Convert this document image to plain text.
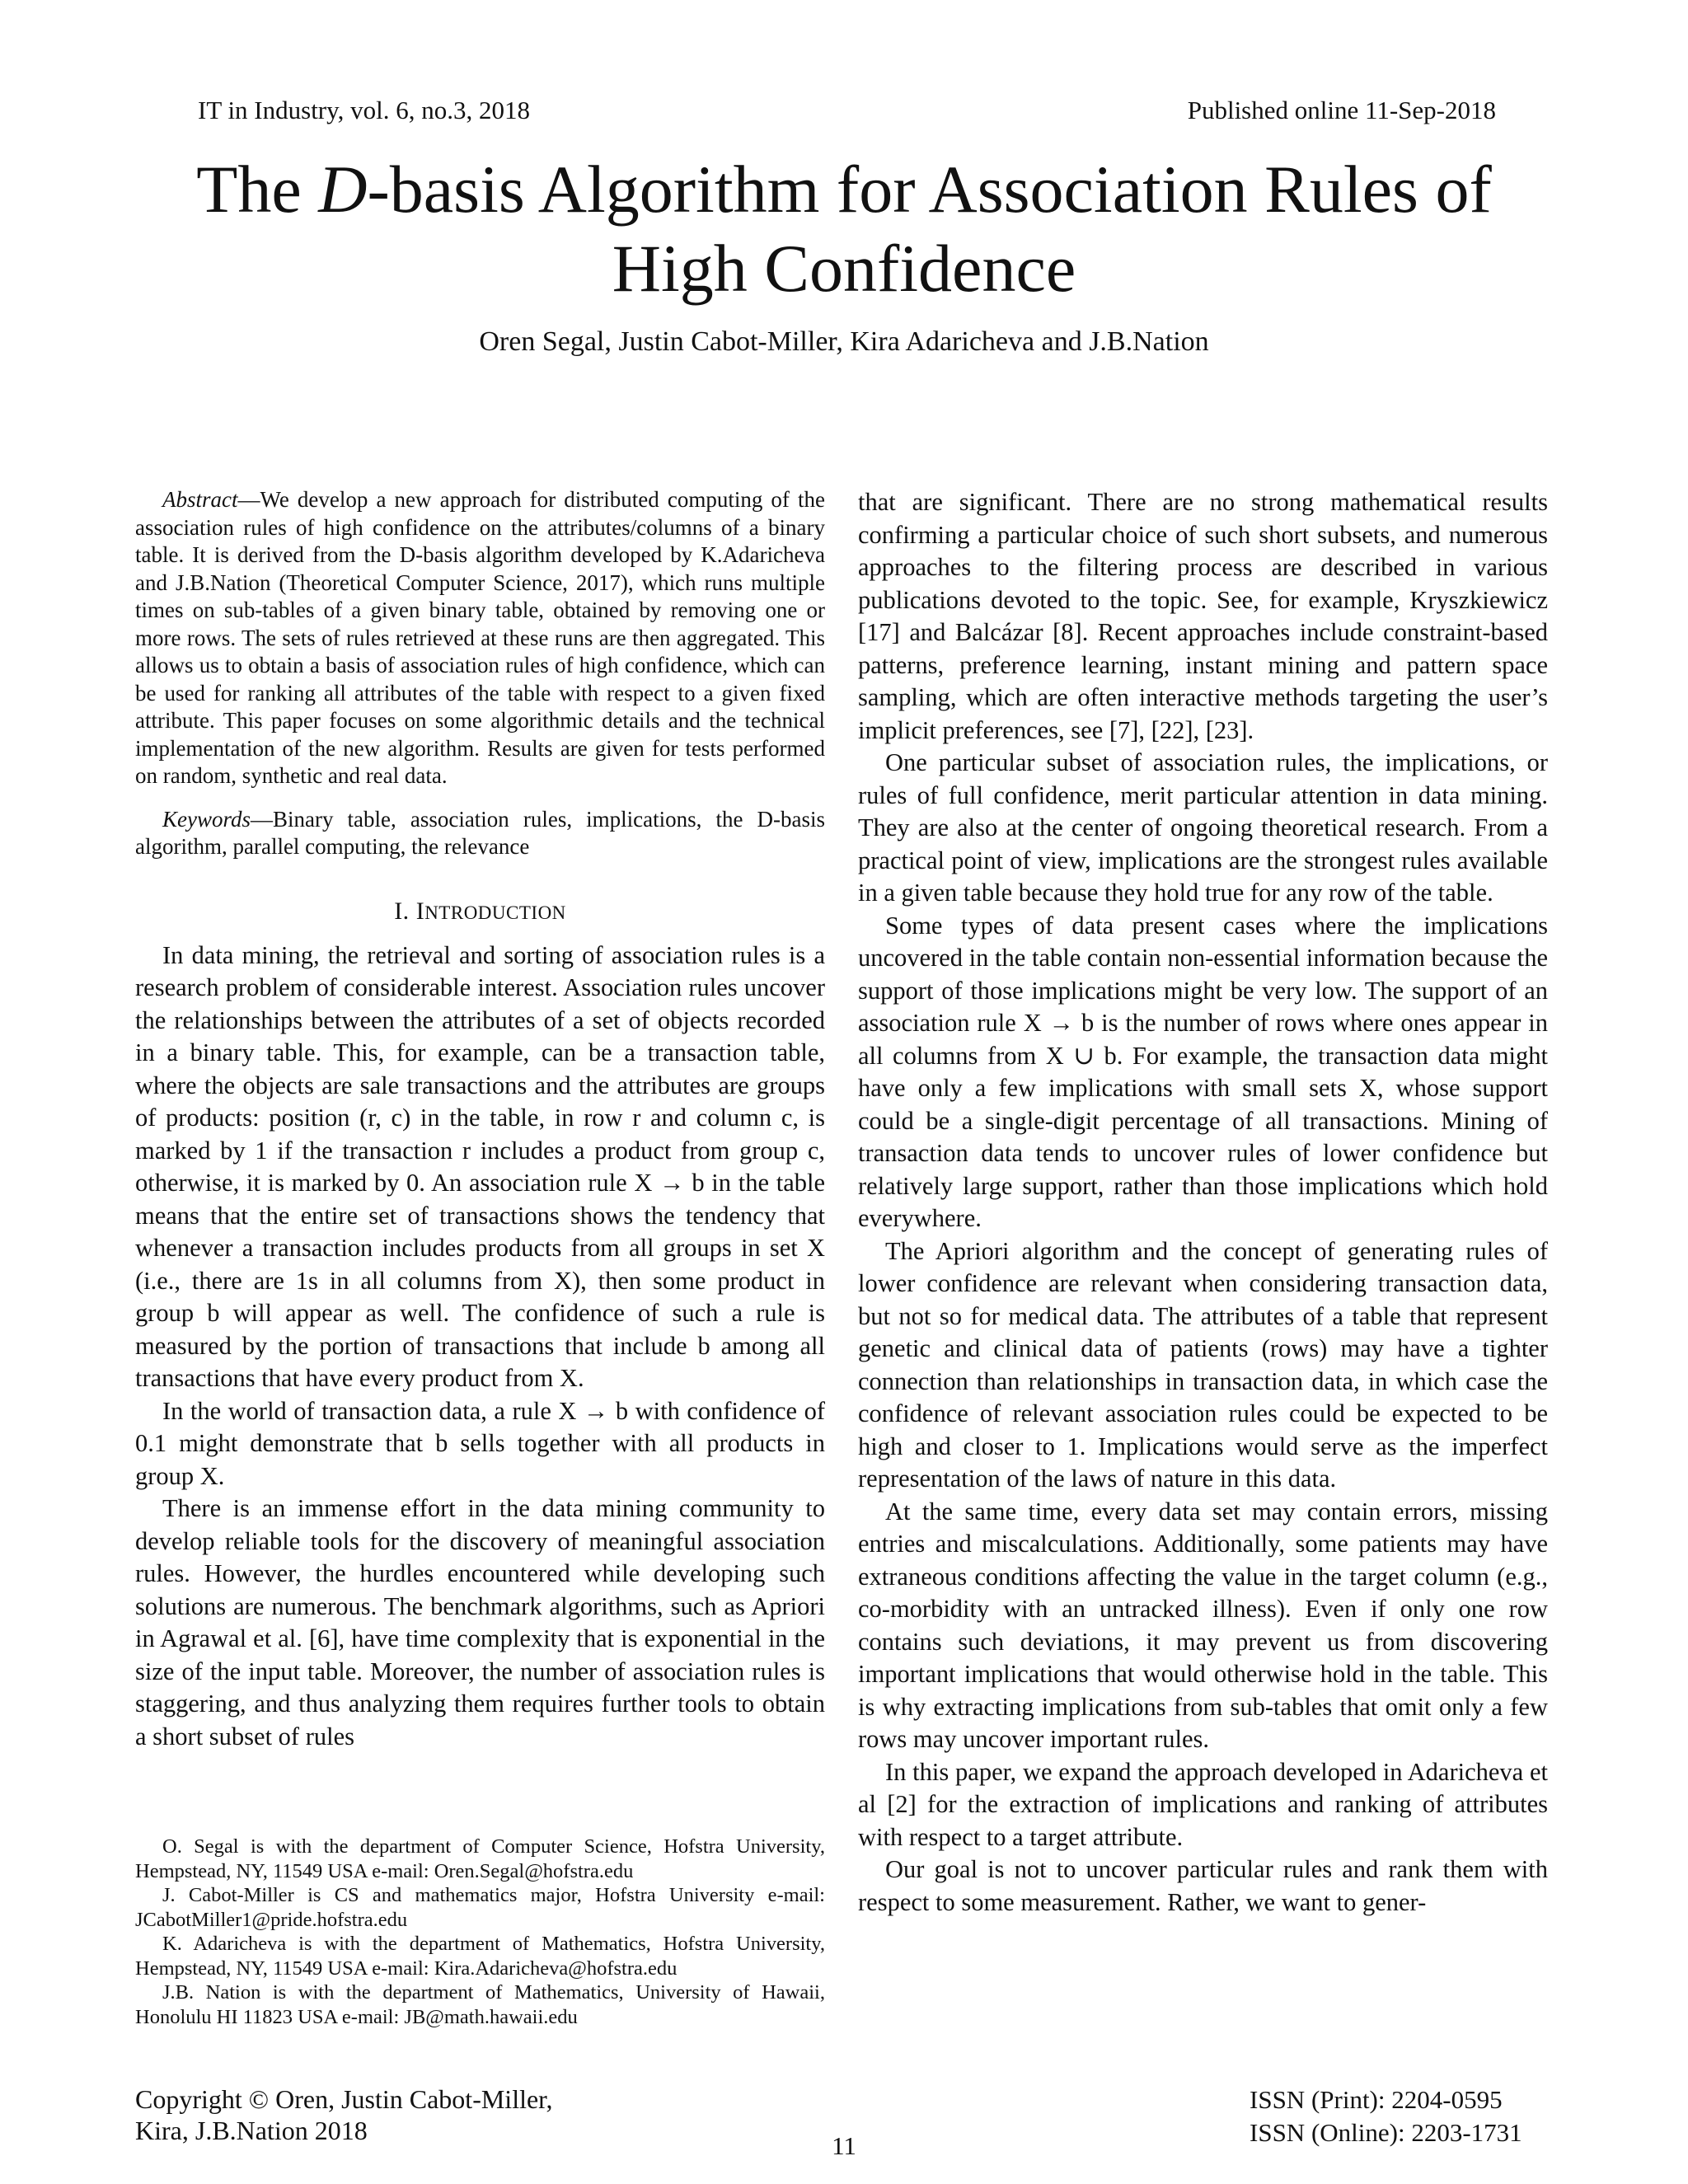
IT in Industry, vol. 6, no.3, 2018	Published online 11-Sep-2018
The D-basis Algorithm for Association Rules of
High Confidence
Oren Segal, Justin Cabot-Miller, Kira Adaricheva and J.B.Nation

Abstract—We develop a new approach for distributed computing of the association rules of high confidence on the attributes/columns of a binary table. It is derived from the D-basis algorithm developed by K.Adaricheva and J.B.Nation (Theoretical Computer Science, 2017), which runs multiple times on sub-tables of a given binary table, obtained by removing one or more rows. The sets of rules retrieved at these runs are then aggregated. This allows us to obtain a basis of association rules of high confidence, which can be used for ranking all attributes of the table with respect to a given fixed attribute. This paper focuses on some algorithmic details and the technical implementation of the new algorithm. Results are given for tests performed on random, synthetic and real data.

Keywords—Binary table, association rules, implications, the D-basis algorithm, parallel computing, the relevance

I. INTRODUCTION

In data mining, the retrieval and sorting of association rules is a research problem of considerable interest. Association rules uncover the relationships between the attributes of a set of objects recorded in a binary table. This, for example, can be a transaction table, where the objects are sale transactions and the attributes are groups of products: position (r, c) in the table, in row r and column c, is marked by 1 if the transaction r includes a product from group c, otherwise, it is marked by 0. An association rule X → b in the table means that the entire set of transactions shows the tendency that whenever a transaction includes products from all groups in set X (i.e., there are 1s in all columns from X), then some product in group b will appear as well. The confidence of such a rule is measured by the portion of transactions that include b among all transactions that have every product from X.

In the world of transaction data, a rule X → b with confidence of 0.1 might demonstrate that b sells together with all products in group X.

There is an immense effort in the data mining community to develop reliable tools for the discovery of meaningful association rules. However, the hurdles encountered while developing such solutions are numerous. The benchmark algorithms, such as Apriori in Agrawal et al. [6], have time complexity that is exponential in the size of the input table. Moreover, the number of association rules is staggering, and thus analyzing them requires further tools to obtain a short subset of rules

that are significant. There are no strong mathematical results confirming a particular choice of such short subsets, and numerous approaches to the filtering process are described in various publications devoted to the topic. See, for example, Kryszkiewicz [17] and Balcázar [8]. Recent approaches include constraint-based patterns, preference learning, instant mining and pattern space sampling, which are often interactive methods targeting the user’s implicit preferences, see [7], [22], [23].

One particular subset of association rules, the implications, or rules of full confidence, merit particular attention in data mining. They are also at the center of ongoing theoretical research. From a practical point of view, implications are the strongest rules available in a given table because they hold true for any row of the table.

Some types of data present cases where the implications uncovered in the table contain non-essential information because the support of those implications might be very low. The support of an association rule X → b is the number of rows where ones appear in all columns from X ∪ b. For example, the transaction data might have only a few implications with small sets X, whose support could be a single-digit percentage of all transactions. Mining of transaction data tends to uncover rules of lower confidence but relatively large support, rather than those implications which hold everywhere.

The Apriori algorithm and the concept of generating rules of lower confidence are relevant when considering transaction data, but not so for medical data. The attributes of a table that represent genetic and clinical data of patients (rows) may have a tighter connection than relationships in transaction data, in which case the confidence of relevant association rules could be expected to be high and closer to 1. Implications would serve as the imperfect representation of the laws of nature in this data.

At the same time, every data set may contain errors, missing entries and miscalculations. Additionally, some patients may have extraneous conditions affecting the value in the target column (e.g., co-morbidity with an untracked illness). Even if only one row contains such deviations, it may prevent us from discovering important implications that would otherwise hold in the table. This is why extracting implications from sub-tables that omit only a few rows may uncover important rules.

In this paper, we expand the approach developed in Adaricheva et al [2] for the extraction of implications and ranking of attributes with respect to a target attribute.

Our goal is not to uncover particular rules and rank them with respect to some measurement. Rather, we want to gener-

O. Segal is with the department of Computer Science, Hofstra University, Hempstead, NY, 11549 USA e-mail: Oren.Segal@hofstra.edu

J. Cabot-Miller is CS and mathematics major, Hofstra University e-mail: JCabotMiller1@pride.hofstra.edu

K. Adaricheva is with the department of Mathematics, Hofstra University, Hempstead, NY, 11549 USA e-mail: Kira.Adaricheva@hofstra.edu

J.B. Nation is with the department of Mathematics, University of Hawaii, Honolulu HI 11823 USA e-mail: JB@math.hawaii.edu

Copyright © Oren, Justin Cabot-Miller,
Kira, J.B.Nation 2018
11
ISSN (Print): 2204-0595
ISSN (Online): 2203-1731
